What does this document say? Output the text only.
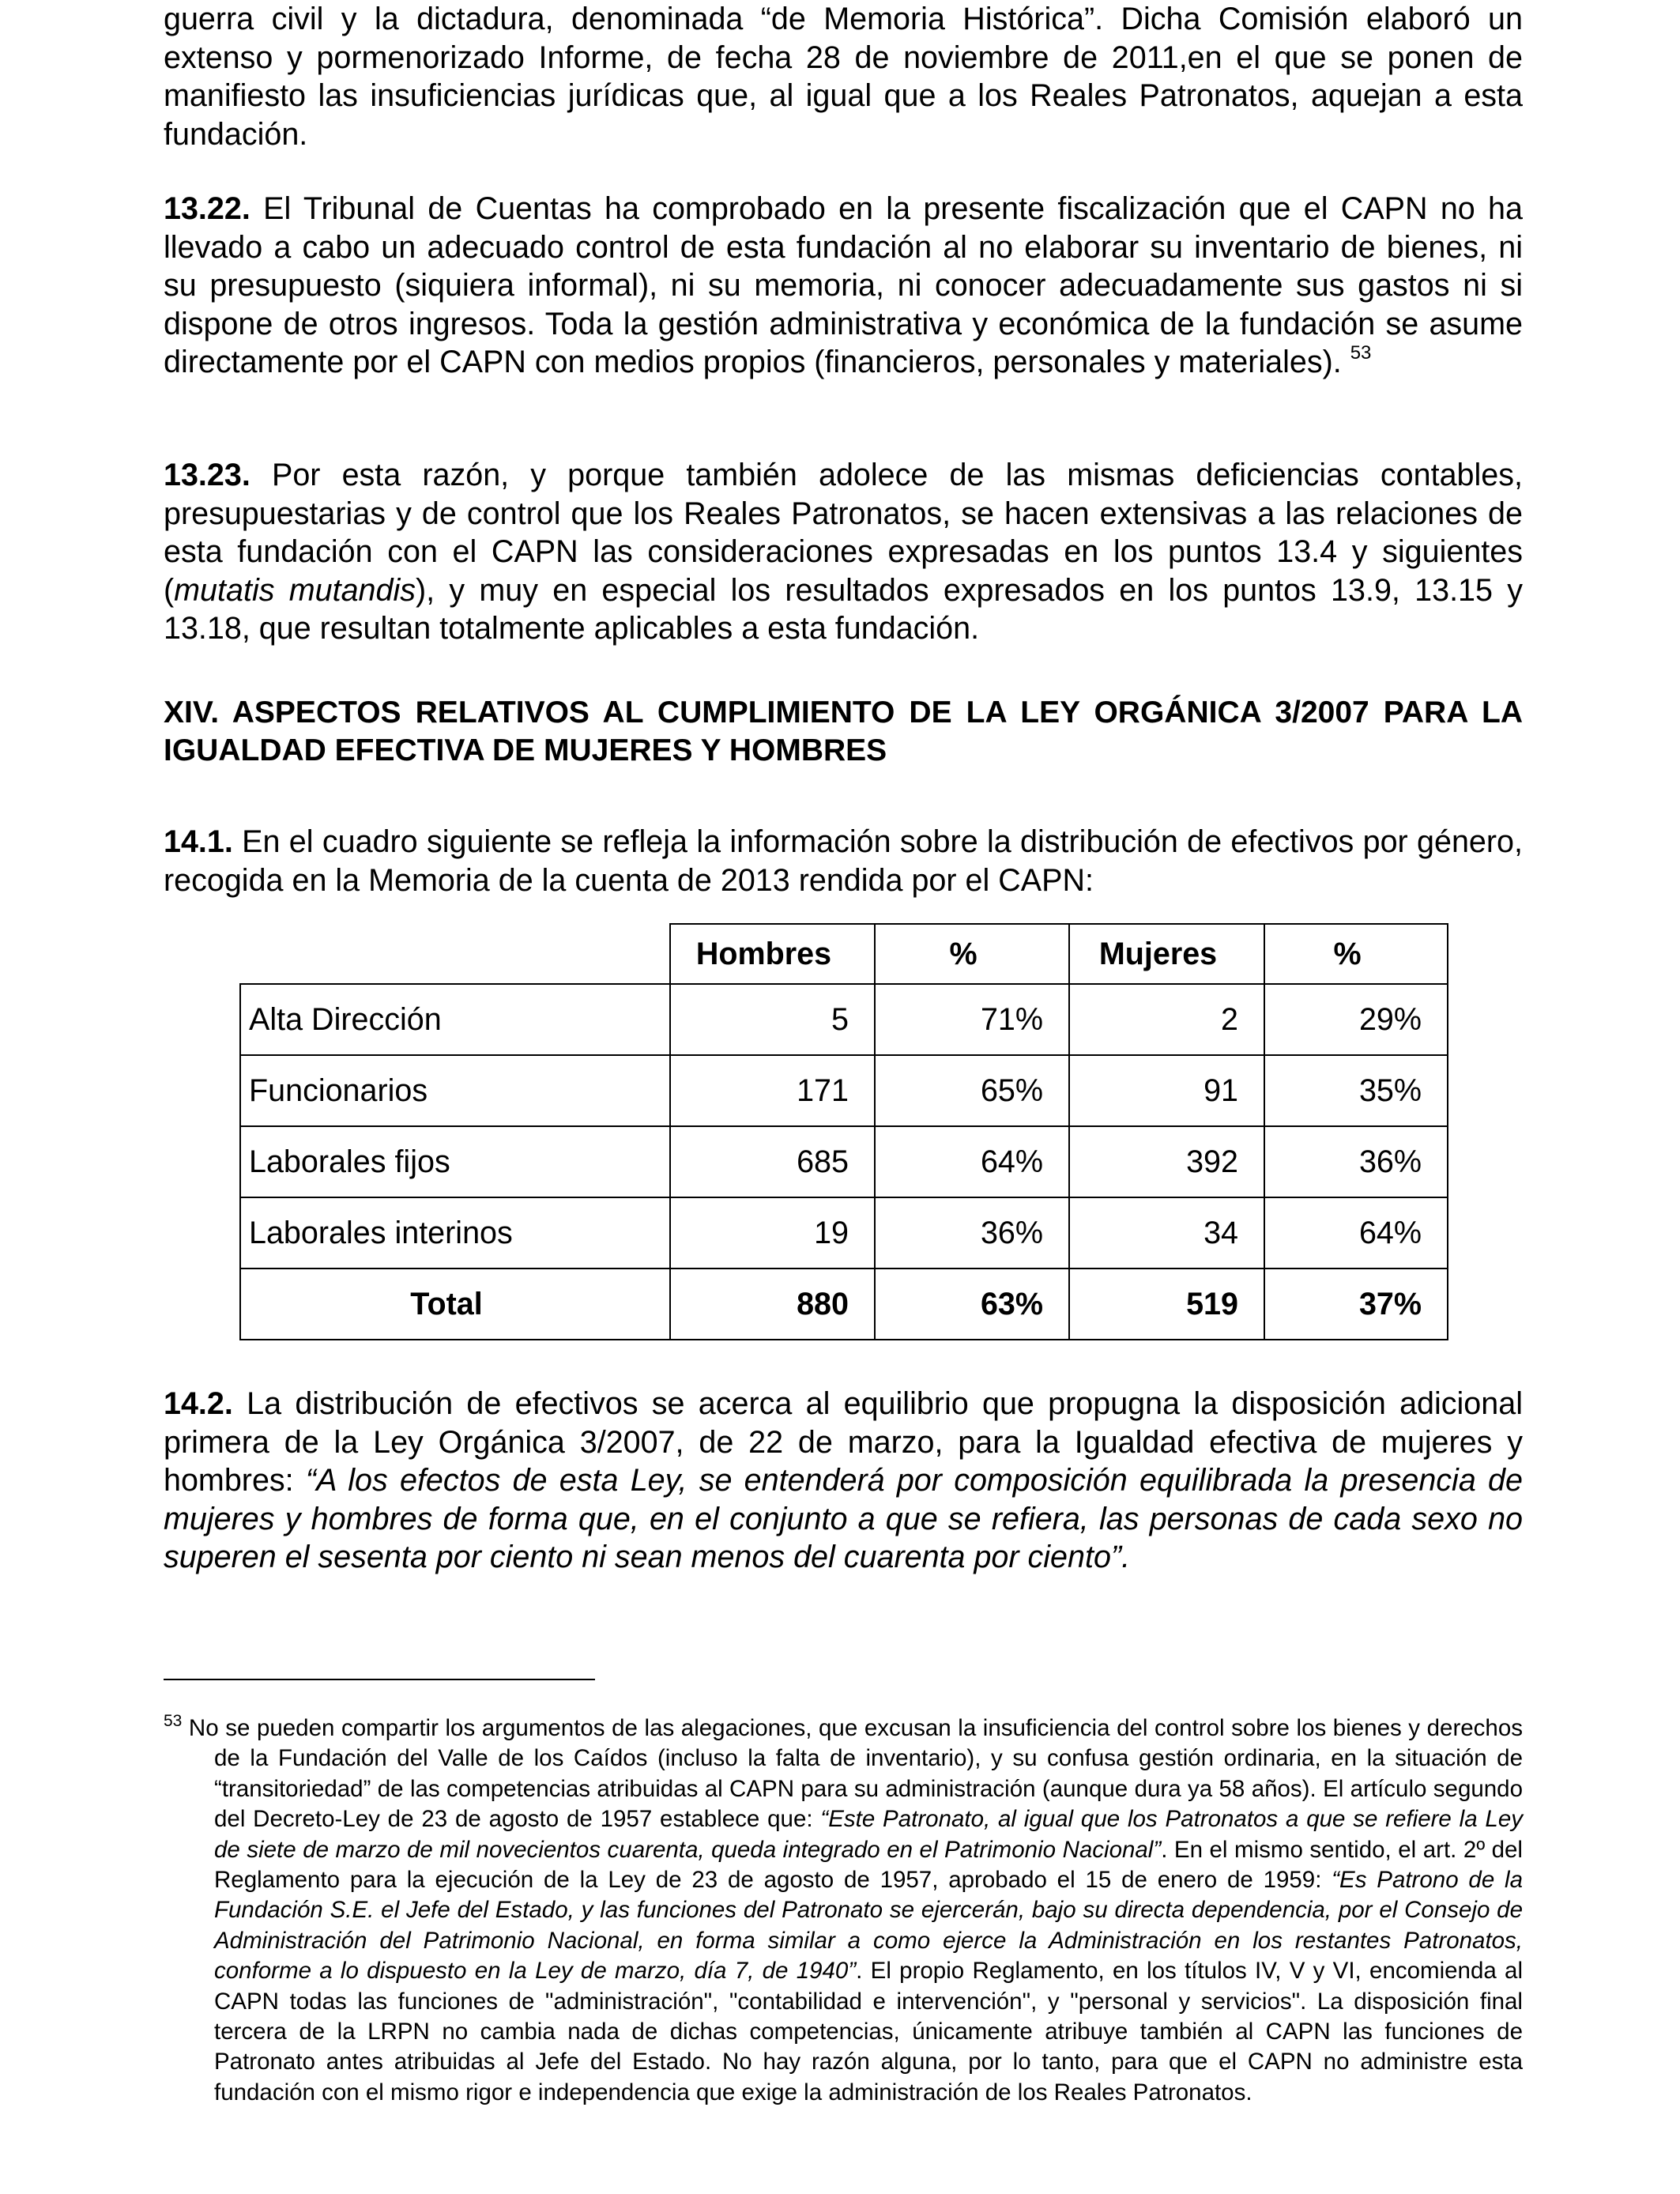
guerra civil y la dictadura, denominada “de Memoria Histórica”. Dicha Comisión elaboró un extenso y pormenorizado Informe, de fecha 28 de noviembre de 2011,en el que se ponen de manifiesto las insuficiencias jurídicas que, al igual que a los Reales Patronatos, aquejan a esta fundación.
13.22. El Tribunal de Cuentas ha comprobado en la presente fiscalización que el CAPN no ha llevado a cabo un adecuado control de esta fundación al no elaborar su inventario de bienes, ni su presupuesto (siquiera informal), ni su memoria, ni conocer adecuadamente sus gastos ni si dispone de otros ingresos. Toda la gestión administrativa y económica de la fundación se asume directamente por el CAPN con medios propios (financieros, personales y materiales). $^{53}$
13.23. Por esta razón, y porque también adolece de las mismas deficiencias contables, presupuestarias y de control que los Reales Patronatos, se hacen extensivas a las relaciones de esta fundación con el CAPN las consideraciones expresadas en los puntos 13.4 y siguientes (mutatis mutandis), y muy en especial los resultados expresados en los puntos 13.9, 13.15 y 13.18, que resultan totalmente aplicables a esta fundación.
XIV. ASPECTOS RELATIVOS AL CUMPLIMIENTO DE LA LEY ORGÁNICA 3/2007 PARA LA IGUALDAD EFECTIVA DE MUJERES Y HOMBRES
14.1. En el cuadro siguiente se refleja la información sobre la distribución de efectivos por género, recogida en la Memoria de la cuenta de 2013 rendida por el CAPN:
	Hombres	%	Mujeres	%
Alta Dirección	5	71%	2	29%
Funcionarios	171	65%	91	35%
Laborales fijos	685	64%	392	36%
Laborales interinos	19	36%	34	64%
Total	880	63%	519	37%
14.2. La distribución de efectivos se acerca al equilibrio que propugna la disposición adicional primera de la Ley Orgánica 3/2007, de 22 de marzo, para la Igualdad efectiva de mujeres y hombres: “A los efectos de esta Ley, se entenderá por composición equilibrada la presencia de mujeres y hombres de forma que, en el conjunto a que se refiera, las personas de cada sexo no superen el sesenta por ciento ni sean menos del cuarenta por ciento”.
$^{53}$ No se pueden compartir los argumentos de las alegaciones, que excusan la insuficiencia del control sobre los bienes y derechos de la Fundación del Valle de los Caídos (incluso la falta de inventario), y su confusa gestión ordinaria, en la situación de “transitoriedad” de las competencias atribuidas al CAPN para su administración (aunque dura ya 58 años). El artículo segundo del Decreto-Ley de 23 de agosto de 1957 establece que: “Este Patronato, al igual que los Patronatos a que se refiere la Ley de siete de marzo de mil novecientos cuarenta, queda integrado en el Patrimonio Nacional”. En el mismo sentido, el art. 2º del Reglamento para la ejecución de la Ley de 23 de agosto de 1957, aprobado el 15 de enero de 1959: “Es Patrono de la Fundación S.E. el Jefe del Estado, y las funciones del Patronato se ejercerán, bajo su directa dependencia, por el Consejo de Administración del Patrimonio Nacional, en forma similar a como ejerce la Administración en los restantes Patronatos, conforme a lo dispuesto en la Ley de marzo, día 7, de 1940”. El propio Reglamento, en los títulos IV, V y VI, encomienda al CAPN todas las funciones de "administración", "contabilidad e intervención", y "personal y servicios". La disposición final tercera de la LRPN no cambia nada de dichas competencias, únicamente atribuye también al CAPN las funciones de Patronato antes atribuidas al Jefe del Estado. No hay razón alguna, por lo tanto, para que el CAPN no administre esta fundación con el mismo rigor e independencia que exige la administración de los Reales Patronatos.
